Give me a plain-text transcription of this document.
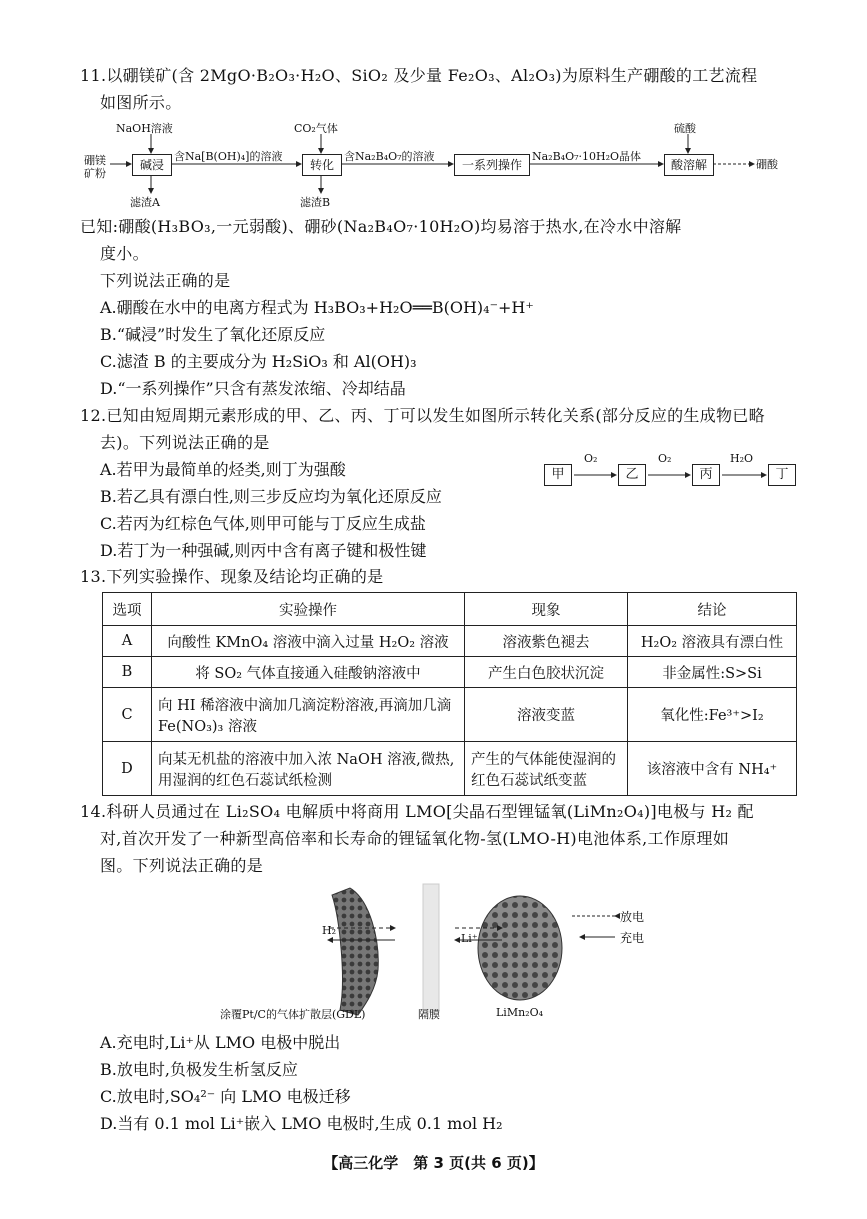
11.以硼镁矿(含 2MgO·B₂O₃·H₂O、SiO₂ 及少量 Fe₂O₃、Al₂O₃)为原料生产硼酸的工艺流程
如图所示。
硼镁矿粉
碱浸	转化	一系列操作	酸溶解	硼酸
NaOH溶液	CO₂气体	硫酸
含Na[B(OH)₄]的溶液	含Na₂B₄O₇的溶液	Na₂B₄O₇·10H₂O晶体
滤渣A	滤渣B
已知:硼酸(H₃BO₃,一元弱酸)、硼砂(Na₂B₄O₇·10H₂O)均易溶于热水,在冷水中溶解
度小。
下列说法正确的是
A.硼酸在水中的电离方程式为 H₃BO₃+H₂O══B(OH)₄⁻+H⁺
B.“碱浸”时发生了氧化还原反应
C.滤渣 B 的主要成分为 H₂SiO₃ 和 Al(OH)₃
D.“一系列操作”只含有蒸发浓缩、冷却结晶
12.已知由短周期元素形成的甲、乙、丙、丁可以发生如图所示转化关系(部分反应的生成物已略
去)。下列说法正确的是
A.若甲为最简单的烃类,则丁为强酸
B.若乙具有漂白性,则三步反应均为氧化还原反应
C.若丙为红棕色气体,则甲可能与丁反应生成盐
D.若丁为一种强碱,则丙中含有离子键和极性键
甲	乙	丙	丁
O₂	O₂	H₂O
13.下列实验操作、现象及结论均正确的是
选项	实验操作	现象	结论
A	向酸性 KMnO₄ 溶液中滴入过量 H₂O₂ 溶液	溶液紫色褪去	H₂O₂ 溶液具有漂白性
B	将 SO₂ 气体直接通入硅酸钠溶液中	产生白色胶状沉淀	非金属性:S>Si
C	向 HI 稀溶液中滴加几滴淀粉溶液,再滴加几滴 Fe(NO₃)₃ 溶液	溶液变蓝	氧化性:Fe³⁺>I₂
D	向某无机盐的溶液中加入浓 NaOH 溶液,微热,用湿润的红色石蕊试纸检测	产生的气体能使湿润的红色石蕊试纸变蓝	该溶液中含有 NH₄⁺
14.科研人员通过在 Li₂SO₄ 电解质中将商用 LMO[尖晶石型锂锰氧(LiMn₂O₄)]电极与 H₂ 配
对,首次开发了一种新型高倍率和长寿命的锂锰氧化物-氢(LMO-H)电池体系,工作原理如
图。下列说法正确的是
H₂
Li⁺
放电
充电
涂覆Pt/C的气体扩散层(GDL)	隔膜	LiMn₂O₄
A.充电时,Li⁺从 LMO 电极中脱出
B.放电时,负极发生析氢反应
C.放电时,SO₄²⁻ 向 LMO 电极迁移
D.当有 0.1 mol Li⁺嵌入 LMO 电极时,生成 0.1 mol H₂
【高三化学　第 3 页(共 6 页)】
